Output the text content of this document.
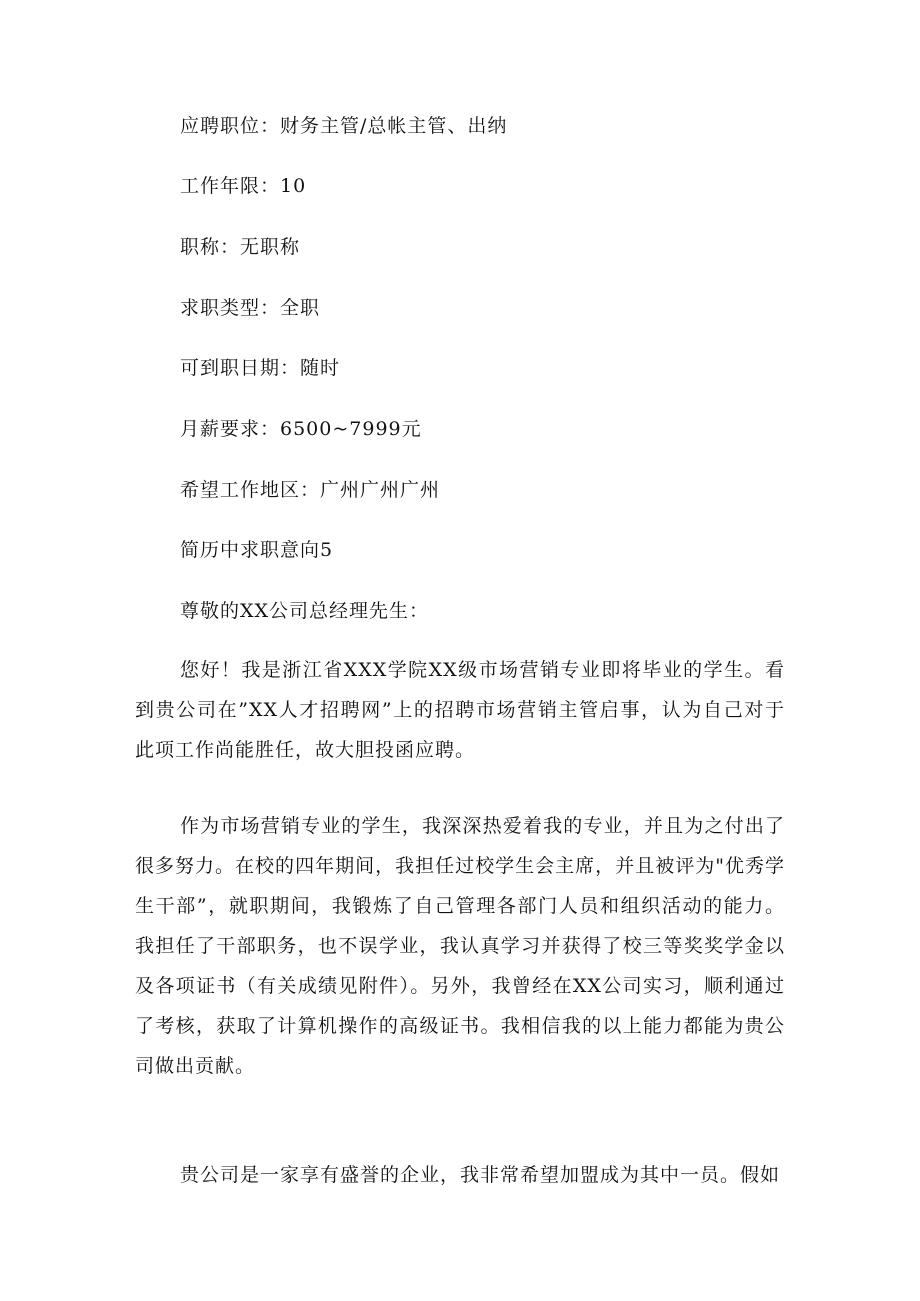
应聘职位：财务主管/总帐主管、出纳

工作年限：10

职称：无职称

求职类型：全职

可到职日期：随时

月薪要求：6500~7999元

希望工作地区：广州广州广州

简历中求职意向5

尊敬的XX公司总经理先生：

您好！我是浙江省XXX学院XX级市场营销专业即将毕业的学生。看到贵公司在”XX人才招聘网”上的招聘市场营销主管启事，认为自己对于此项工作尚能胜任，故大胆投函应聘。

作为市场营销专业的学生，我深深热爱着我的专业，并且为之付出了很多努力。在校的四年期间，我担任过校学生会主席，并且被评为"优秀学生干部”，就职期间，我锻炼了自己管理各部门人员和组织活动的能力。我担任了干部职务，也不误学业，我认真学习并获得了校三等奖奖学金以及各项证书（有关成绩见附件）。另外，我曾经在XX公司实习，顺利通过了考核，获取了计算机操作的高级证书。我相信我的以上能力都能为贵公司做出贡献。

贵公司是一家享有盛誉的企业，我非常希望加盟成为其中一员。假如
